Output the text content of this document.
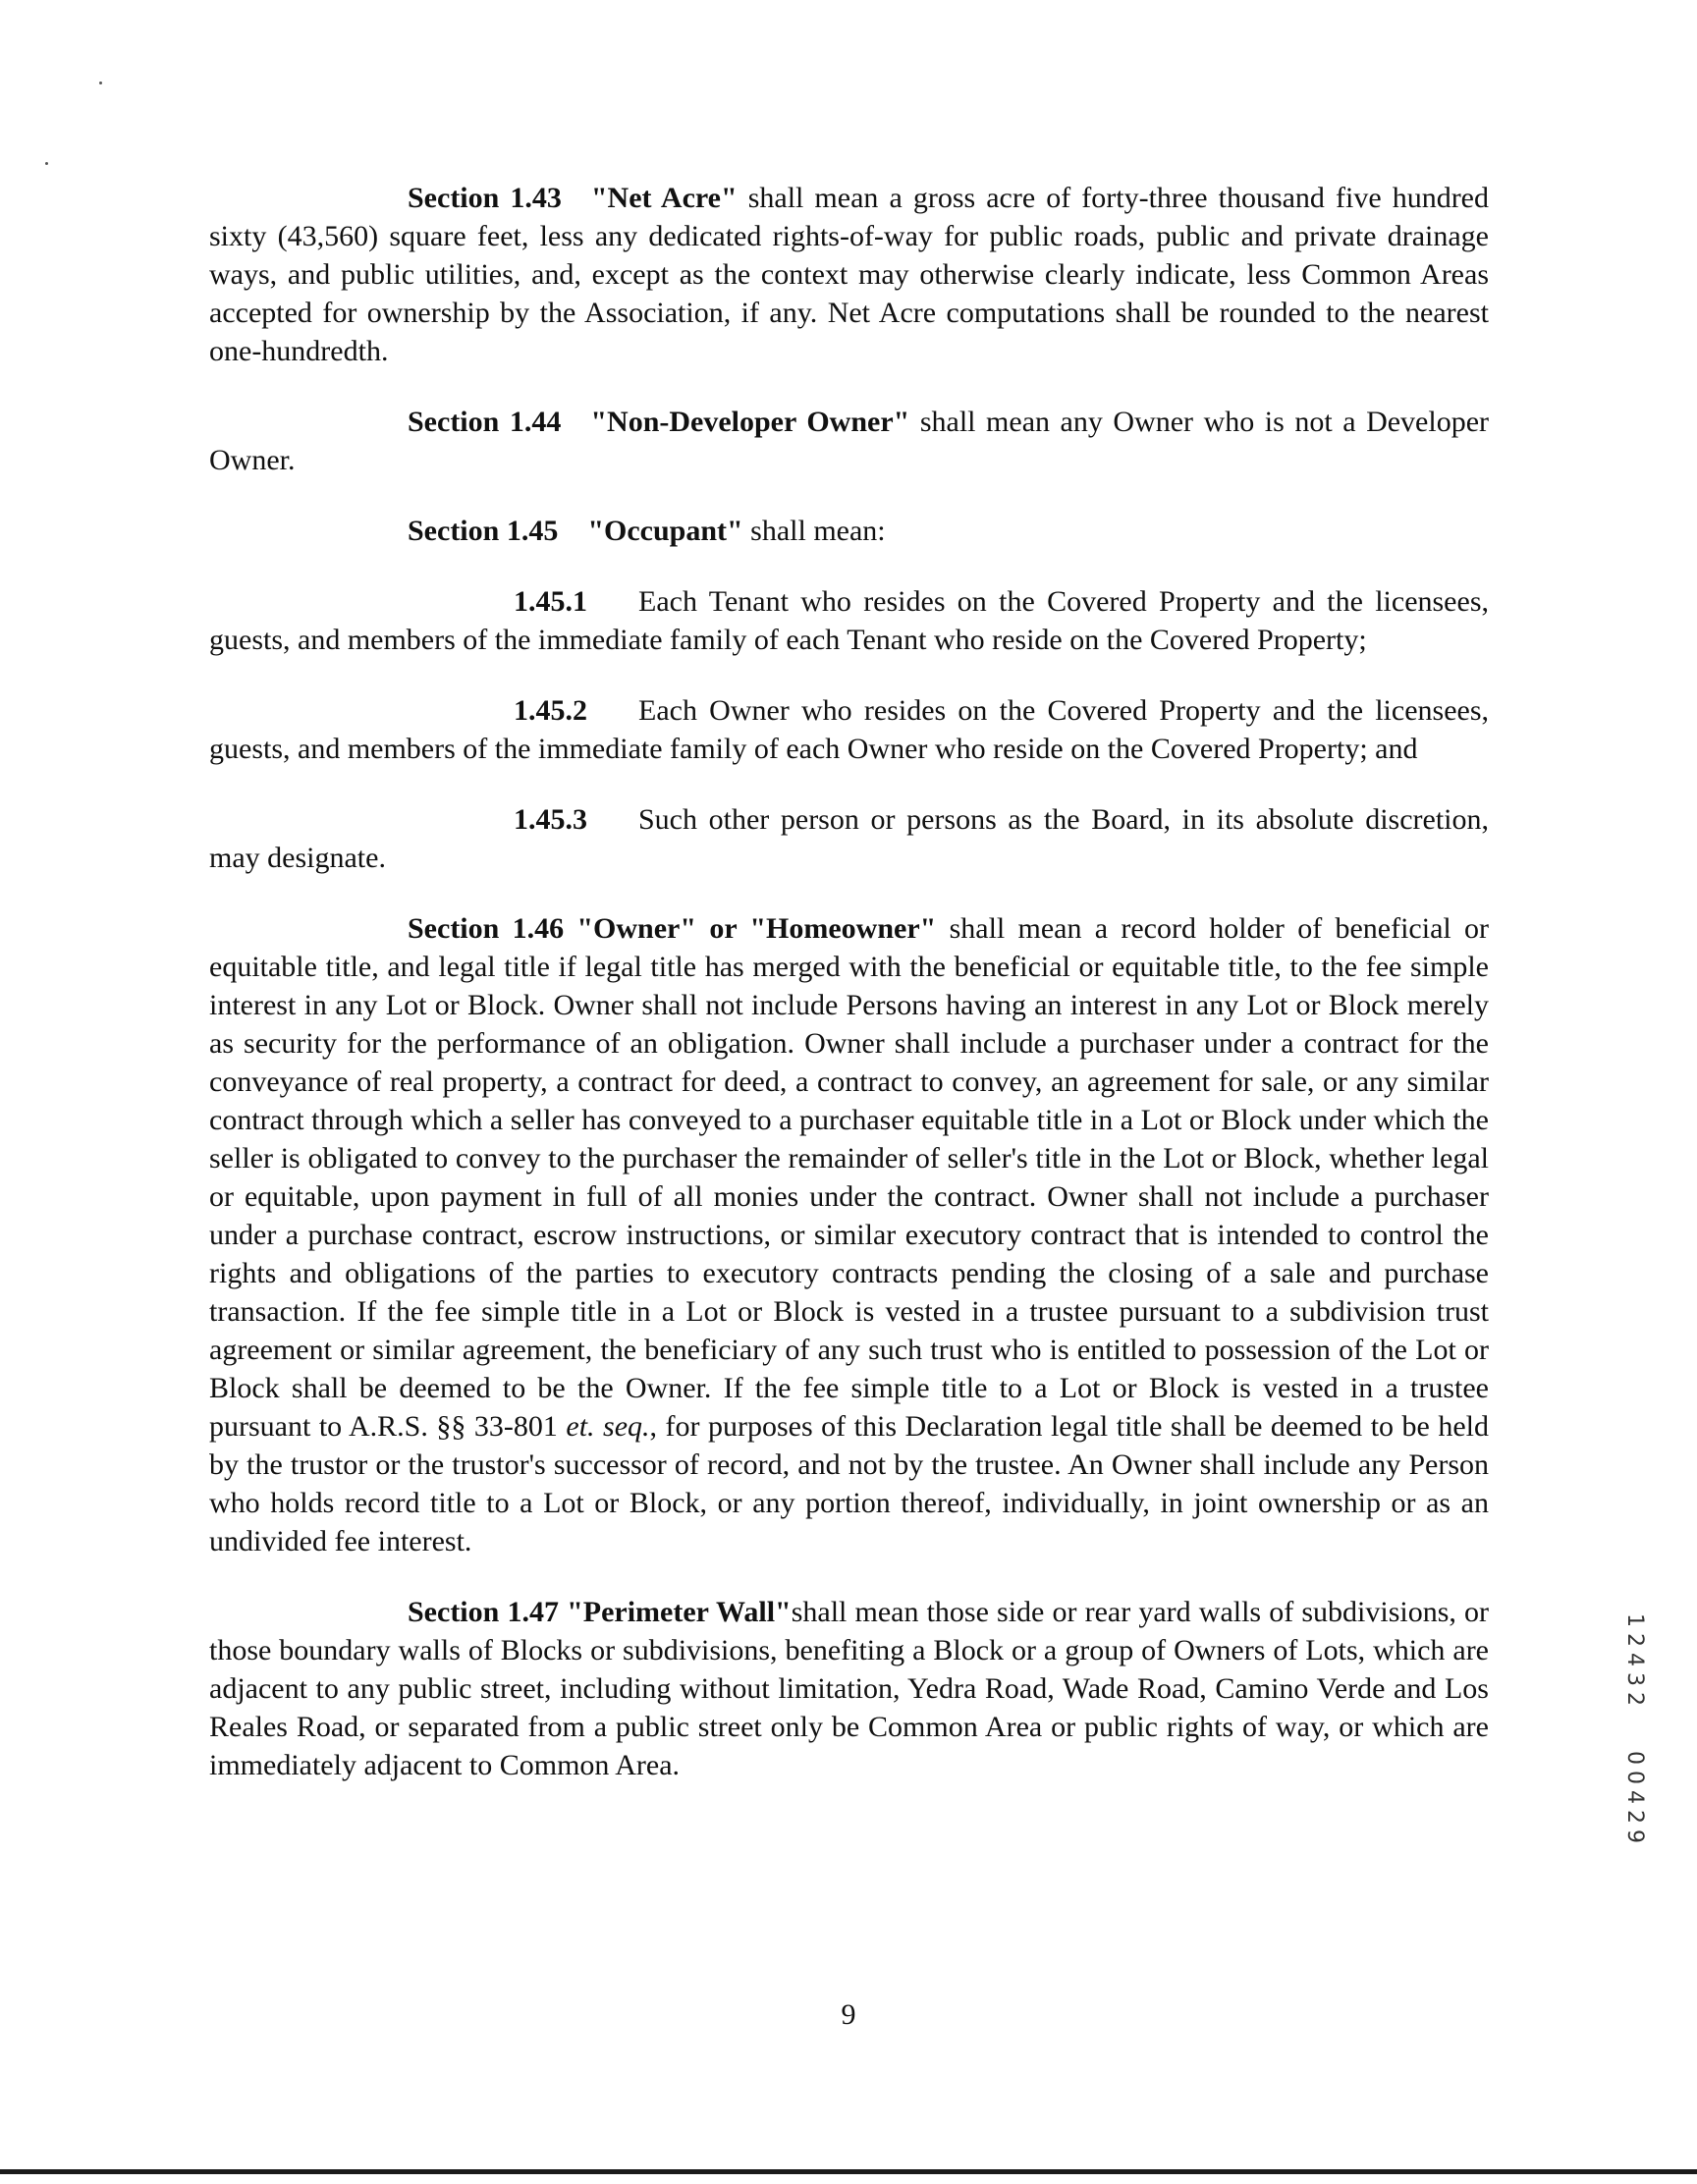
Section 1.43 "Net Acre" shall mean a gross acre of forty-three thousand five hundred sixty (43,560) square feet, less any dedicated rights-of-way for public roads, public and private drainage ways, and public utilities, and, except as the context may otherwise clearly indicate, less Common Areas accepted for ownership by the Association, if any. Net Acre computations shall be rounded to the nearest one-hundredth.

Section 1.44 "Non-Developer Owner" shall mean any Owner who is not a Developer Owner.

Section 1.45 "Occupant" shall mean:

1.45.1 Each Tenant who resides on the Covered Property and the licensees, guests, and members of the immediate family of each Tenant who reside on the Covered Property;

1.45.2 Each Owner who resides on the Covered Property and the licensees, guests, and members of the immediate family of each Owner who reside on the Covered Property; and

1.45.3 Such other person or persons as the Board, in its absolute discretion, may designate.

Section 1.46 "Owner" or "Homeowner" shall mean a record holder of beneficial or equitable title, and legal title if legal title has merged with the beneficial or equitable title, to the fee simple interest in any Lot or Block. Owner shall not include Persons having an interest in any Lot or Block merely as security for the performance of an obligation. Owner shall include a purchaser under a contract for the conveyance of real property, a contract for deed, a contract to convey, an agreement for sale, or any similar contract through which a seller has conveyed to a purchaser equitable title in a Lot or Block under which the seller is obligated to convey to the purchaser the remainder of seller's title in the Lot or Block, whether legal or equitable, upon payment in full of all monies under the contract. Owner shall not include a purchaser under a purchase contract, escrow instructions, or similar executory contract that is intended to control the rights and obligations of the parties to executory contracts pending the closing of a sale and purchase transaction. If the fee simple title in a Lot or Block is vested in a trustee pursuant to a subdivision trust agreement or similar agreement, the beneficiary of any such trust who is entitled to possession of the Lot or Block shall be deemed to be the Owner. If the fee simple title to a Lot or Block is vested in a trustee pursuant to A.R.S. §§ 33-801 et. seq., for purposes of this Declaration legal title shall be deemed to be held by the trustor or the trustor's successor of record, and not by the trustee. An Owner shall include any Person who holds record title to a Lot or Block, or any portion thereof, individually, in joint ownership or as an undivided fee interest.

Section 1.47 "Perimeter Wall"shall mean those side or rear yard walls of subdivisions, or those boundary walls of Blocks or subdivisions, benefiting a Block or a group of Owners of Lots, which are adjacent to any public street, including without limitation, Yedra Road, Wade Road, Camino Verde and Los Reales Road, or separated from a public street only be Common Area or public rights of way, or which are immediately adjacent to Common Area.

9
1
2
4
3
2
0
0
4
2
9
